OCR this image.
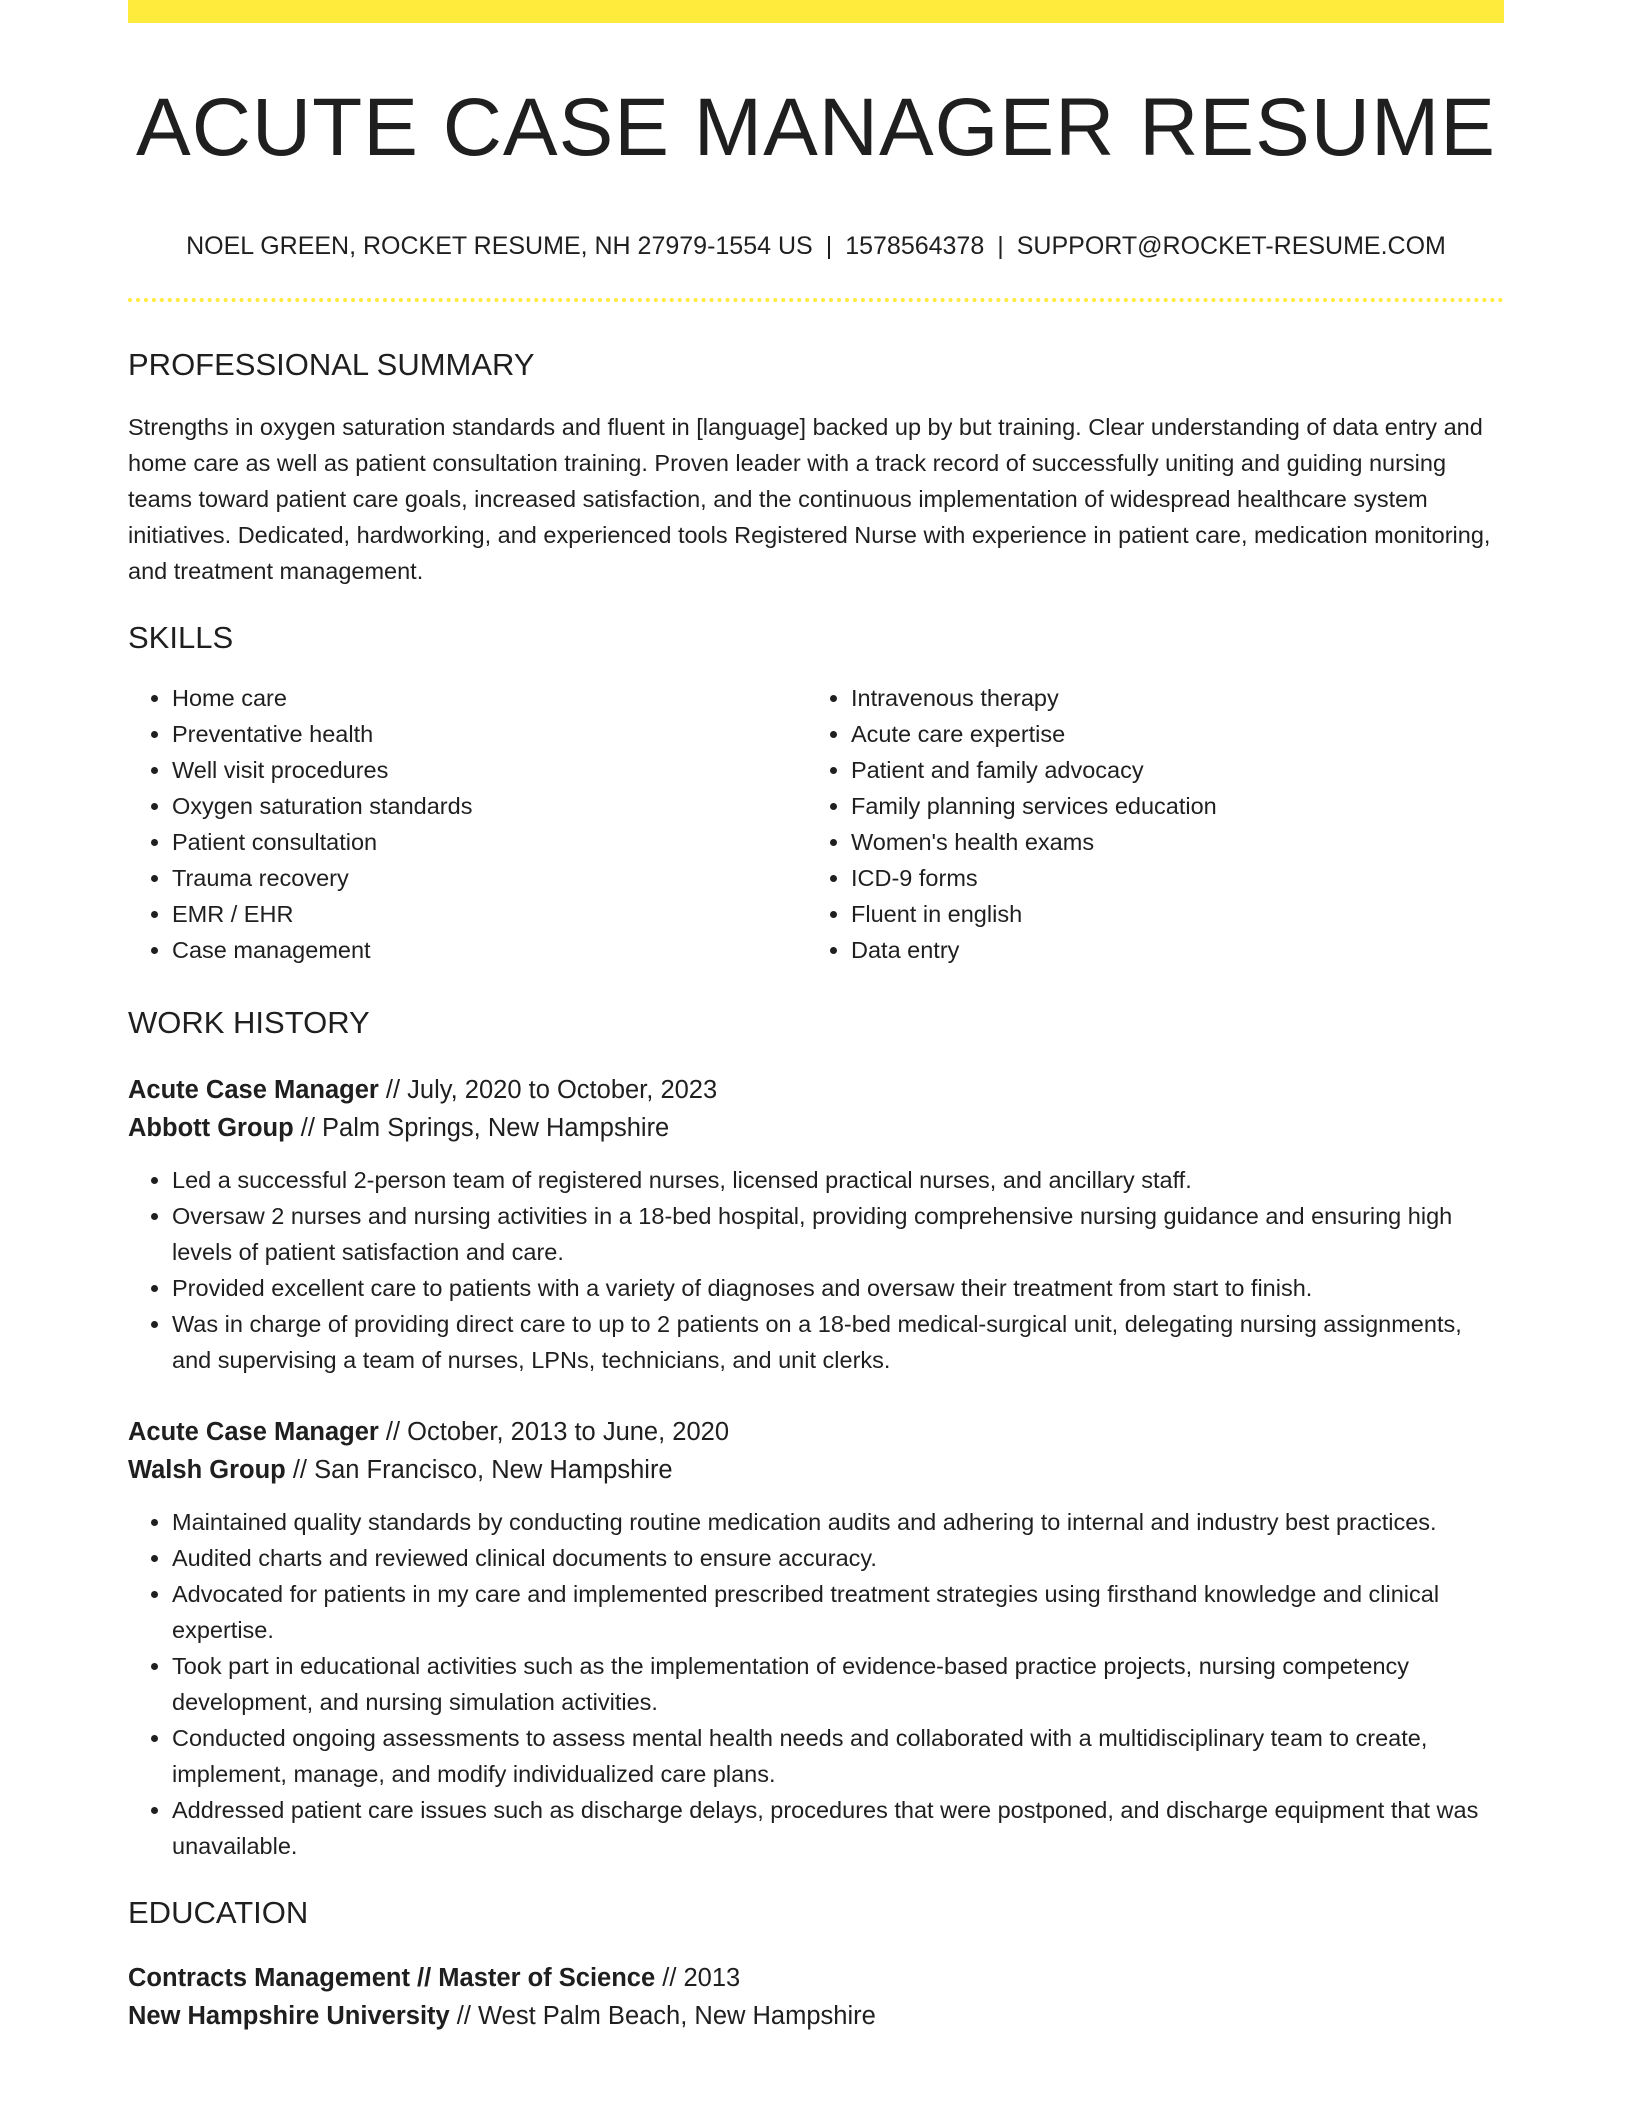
ACUTE CASE MANAGER RESUME
NOEL GREEN, ROCKET RESUME, NH 27979-1554 US | 1578564378 | SUPPORT@ROCKET-RESUME.COM
PROFESSIONAL SUMMARY

Strengths in oxygen saturation standards and fluent in [language] backed up by but training. Clear understanding of data entry and home care as well as patient consultation training. Proven leader with a track record of successfully uniting and guiding nursing teams toward patient care goals, increased satisfaction, and the continuous implementation of widespread healthcare system initiatives. Dedicated, hardworking, and experienced tools Registered Nurse with experience in patient care, medication monitoring, and treatment management.

SKILLS
• Home care
• Preventative health
• Well visit procedures
• Oxygen saturation standards
• Patient consultation
• Trauma recovery
• EMR / EHR
• Case management
• Intravenous therapy
• Acute care expertise
• Patient and family advocacy
• Family planning services education
• Women's health exams
• ICD-9 forms
• Fluent in english
• Data entry
WORK HISTORY
Acute Case Manager // July, 2020 to October, 2023
Abbott Group // Palm Springs, New Hampshire
• Led a successful 2-person team of registered nurses, licensed practical nurses, and ancillary staff.
• Oversaw 2 nurses and nursing activities in a 18-bed hospital, providing comprehensive nursing guidance and ensuring high levels of patient satisfaction and care.
• Provided excellent care to patients with a variety of diagnoses and oversaw their treatment from start to finish.
• Was in charge of providing direct care to up to 2 patients on a 18-bed medical-surgical unit, delegating nursing assignments, and supervising a team of nurses, LPNs, technicians, and unit clerks.
Acute Case Manager // October, 2013 to June, 2020
Walsh Group // San Francisco, New Hampshire
• Maintained quality standards by conducting routine medication audits and adhering to internal and industry best practices.
• Audited charts and reviewed clinical documents to ensure accuracy.
• Advocated for patients in my care and implemented prescribed treatment strategies using firsthand knowledge and clinical expertise.
• Took part in educational activities such as the implementation of evidence-based practice projects, nursing competency development, and nursing simulation activities.
• Conducted ongoing assessments to assess mental health needs and collaborated with a multidisciplinary team to create, implement, manage, and modify individualized care plans.
• Addressed patient care issues such as discharge delays, procedures that were postponed, and discharge equipment that was unavailable.
EDUCATION
Contracts Management // Master of Science // 2013
New Hampshire University // West Palm Beach, New Hampshire
